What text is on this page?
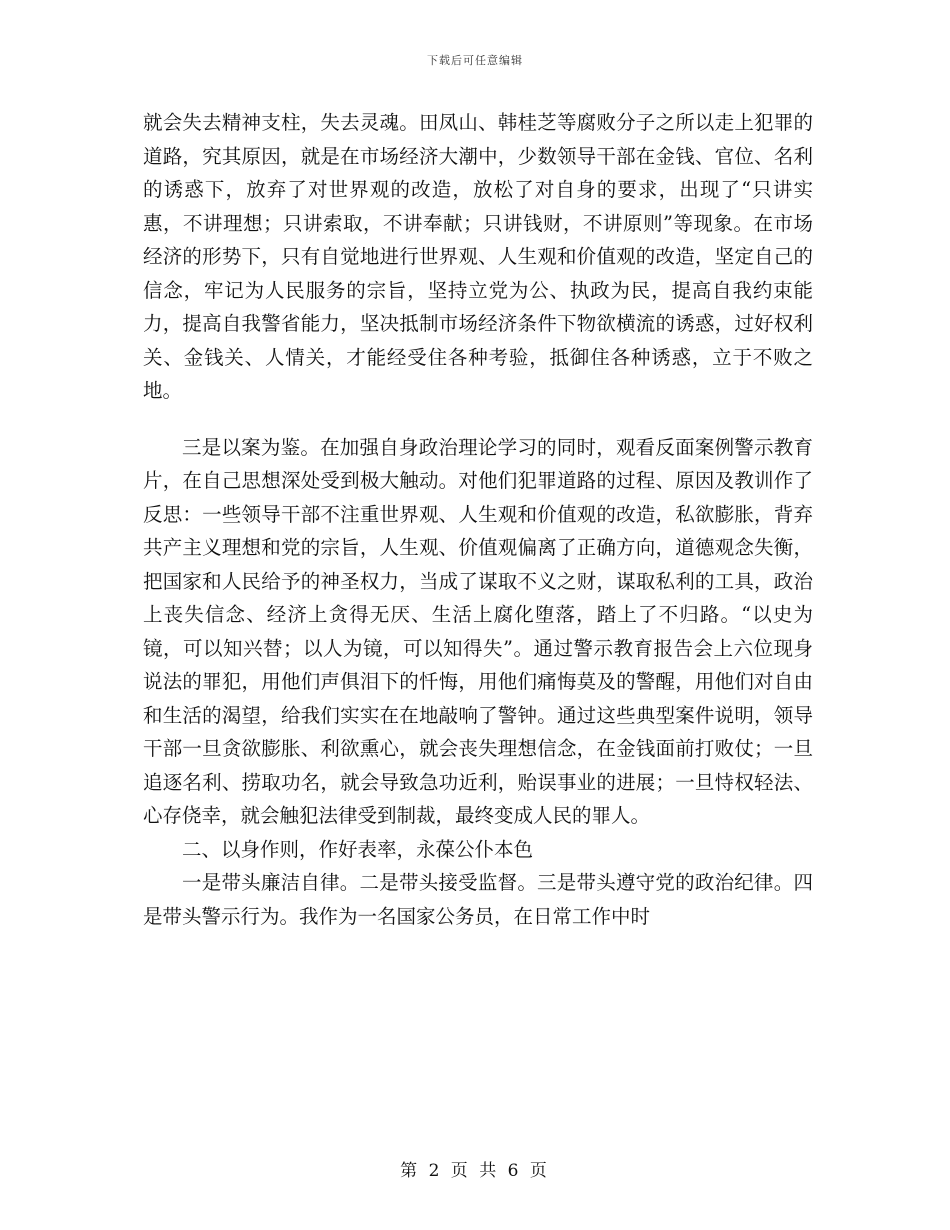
下载后可任意编辑

就会失去精神支柱，失去灵魂。田凤山、韩桂芝等腐败分子之所以走上犯罪的道路，究其原因，就是在市场经济大潮中，少数领导干部在金钱、官位、名利的诱惑下，放弃了对世界观的改造，放松了对自身的要求，出现了“只讲实惠，不讲理想；只讲索取，不讲奉献；只讲钱财，不讲原则”等现象。在市场经济的形势下，只有自觉地进行世界观、人生观和价值观的改造，坚定自己的信念，牢记为人民服务的宗旨，坚持立党为公、执政为民，提高自我约束能力，提高自我警省能力，坚决抵制市场经济条件下物欲横流的诱惑，过好权利关、金钱关、人情关，才能经受住各种考验，抵御住各种诱惑，立于不败之地。

三是以案为鉴。在加强自身政治理论学习的同时，观看反面案例警示教育片，在自己思想深处受到极大触动。对他们犯罪道路的过程、原因及教训作了反思：一些领导干部不注重世界观、人生观和价值观的改造，私欲膨胀，背弃共产主义理想和党的宗旨，人生观、价值观偏离了正确方向，道德观念失衡，把国家和人民给予的神圣权力，当成了谋取不义之财，谋取私利的工具，政治上丧失信念、经济上贪得无厌、生活上腐化堕落，踏上了不归路。“以史为镜，可以知兴替；以人为镜，可以知得失”。通过警示教育报告会上六位现身说法的罪犯，用他们声俱泪下的忏悔，用他们痛悔莫及的警醒，用他们对自由和生活的渴望，给我们实实在在地敲响了警钟。通过这些典型案件说明，领导干部一旦贪欲膨胀、利欲熏心，就会丧失理想信念，在金钱面前打败仗；一旦追逐名利、捞取功名，就会导致急功近利，贻误事业的进展；一旦恃权轻法、心存侥幸，就会触犯法律受到制裁，最终变成人民的罪人。

二、以身作则，作好表率，永葆公仆本色

一是带头廉洁自律。二是带头接受监督。三是带头遵守党的政治纪律。四是带头警示行为。我作为一名国家公务员，在日常工作中时

第 2 页 共 6 页
